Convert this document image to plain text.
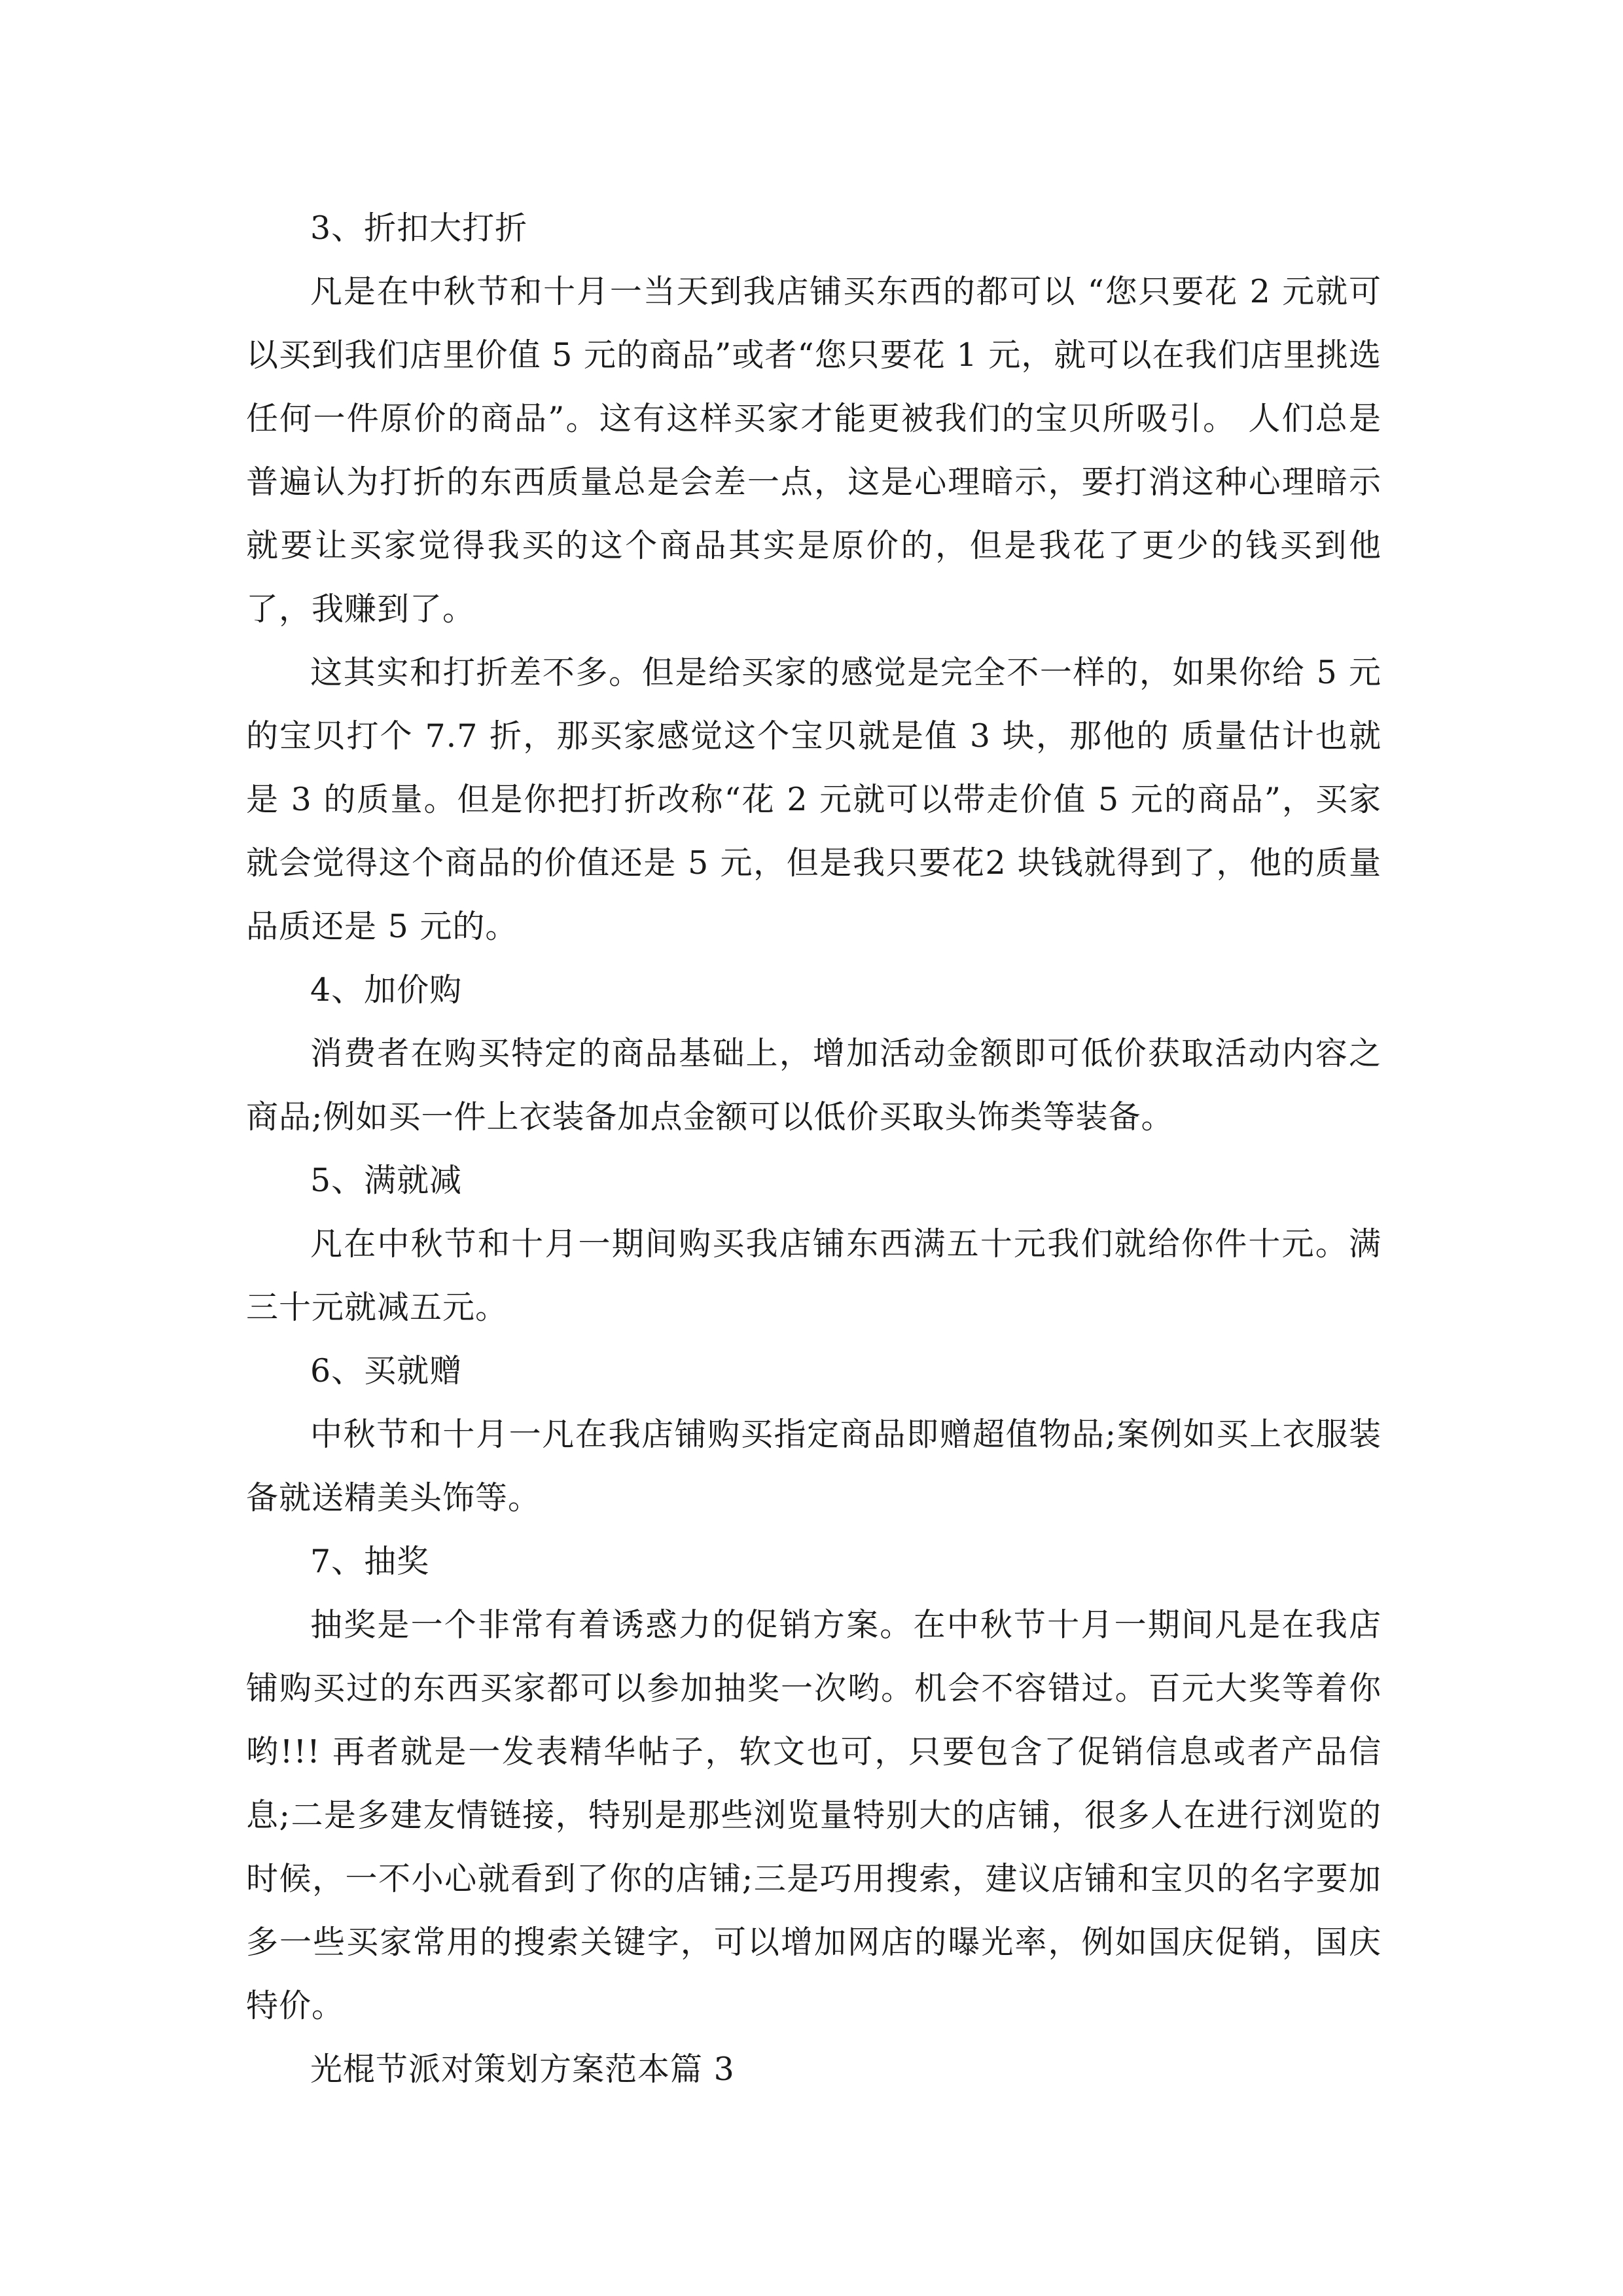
3、折扣大打折

凡是在中秋节和十月一当天到我店铺买东西的都可以 “您只要花 2 元就可以买到我们店里价值 5 元的商品”或者“您只要花 1 元，就可以在我们店里挑选任何一件原价的商品”。这有这样买家才能更被我们的宝贝所吸引。 人们总是普遍认为打折的东西质量总是会差一点，这是心理暗示，要打消这种心理暗示就要让买家觉得我买的这个商品其实是原价的，但是我花了更少的钱买到他了，我赚到了。

这其实和打折差不多。但是给买家的感觉是完全不一样的，如果你给 5 元的宝贝打个 7.7 折，那买家感觉这个宝贝就是值 3 块，那他的 质量估计也就是 3 的质量。但是你把打折改称“花 2 元就可以带走价值 5 元的商品”，买家就会觉得这个商品的价值还是 5 元，但是我只要花2 块钱就得到了，他的质量品质还是 5 元的。

4、加价购

消费者在购买特定的商品基础上，增加活动金额即可低价获取活动内容之商品;例如买一件上衣装备加点金额可以低价买取头饰类等装备。

5、满就减

凡在中秋节和十月一期间购买我店铺东西满五十元我们就给你件十元。满三十元就减五元。

6、买就赠

中秋节和十月一凡在我店铺购买指定商品即赠超值物品;案例如买上衣服装备就送精美头饰等。

7、抽奖

抽奖是一个非常有着诱惑力的促销方案。在中秋节十月一期间凡是在我店铺购买过的东西买家都可以参加抽奖一次哟。机会不容错过。百元大奖等着你哟!!! 再者就是一发表精华帖子，软文也可，只要包含了促销信息或者产品信息;二是多建友情链接，特别是那些浏览量特别大的店铺，很多人在进行浏览的时候，一不小心就看到了你的店铺;三是巧用搜索，建议店铺和宝贝的名字要加多一些买家常用的搜索关键字，可以增加网店的曝光率，例如国庆促销，国庆特价。

光棍节派对策划方案范本篇 3
